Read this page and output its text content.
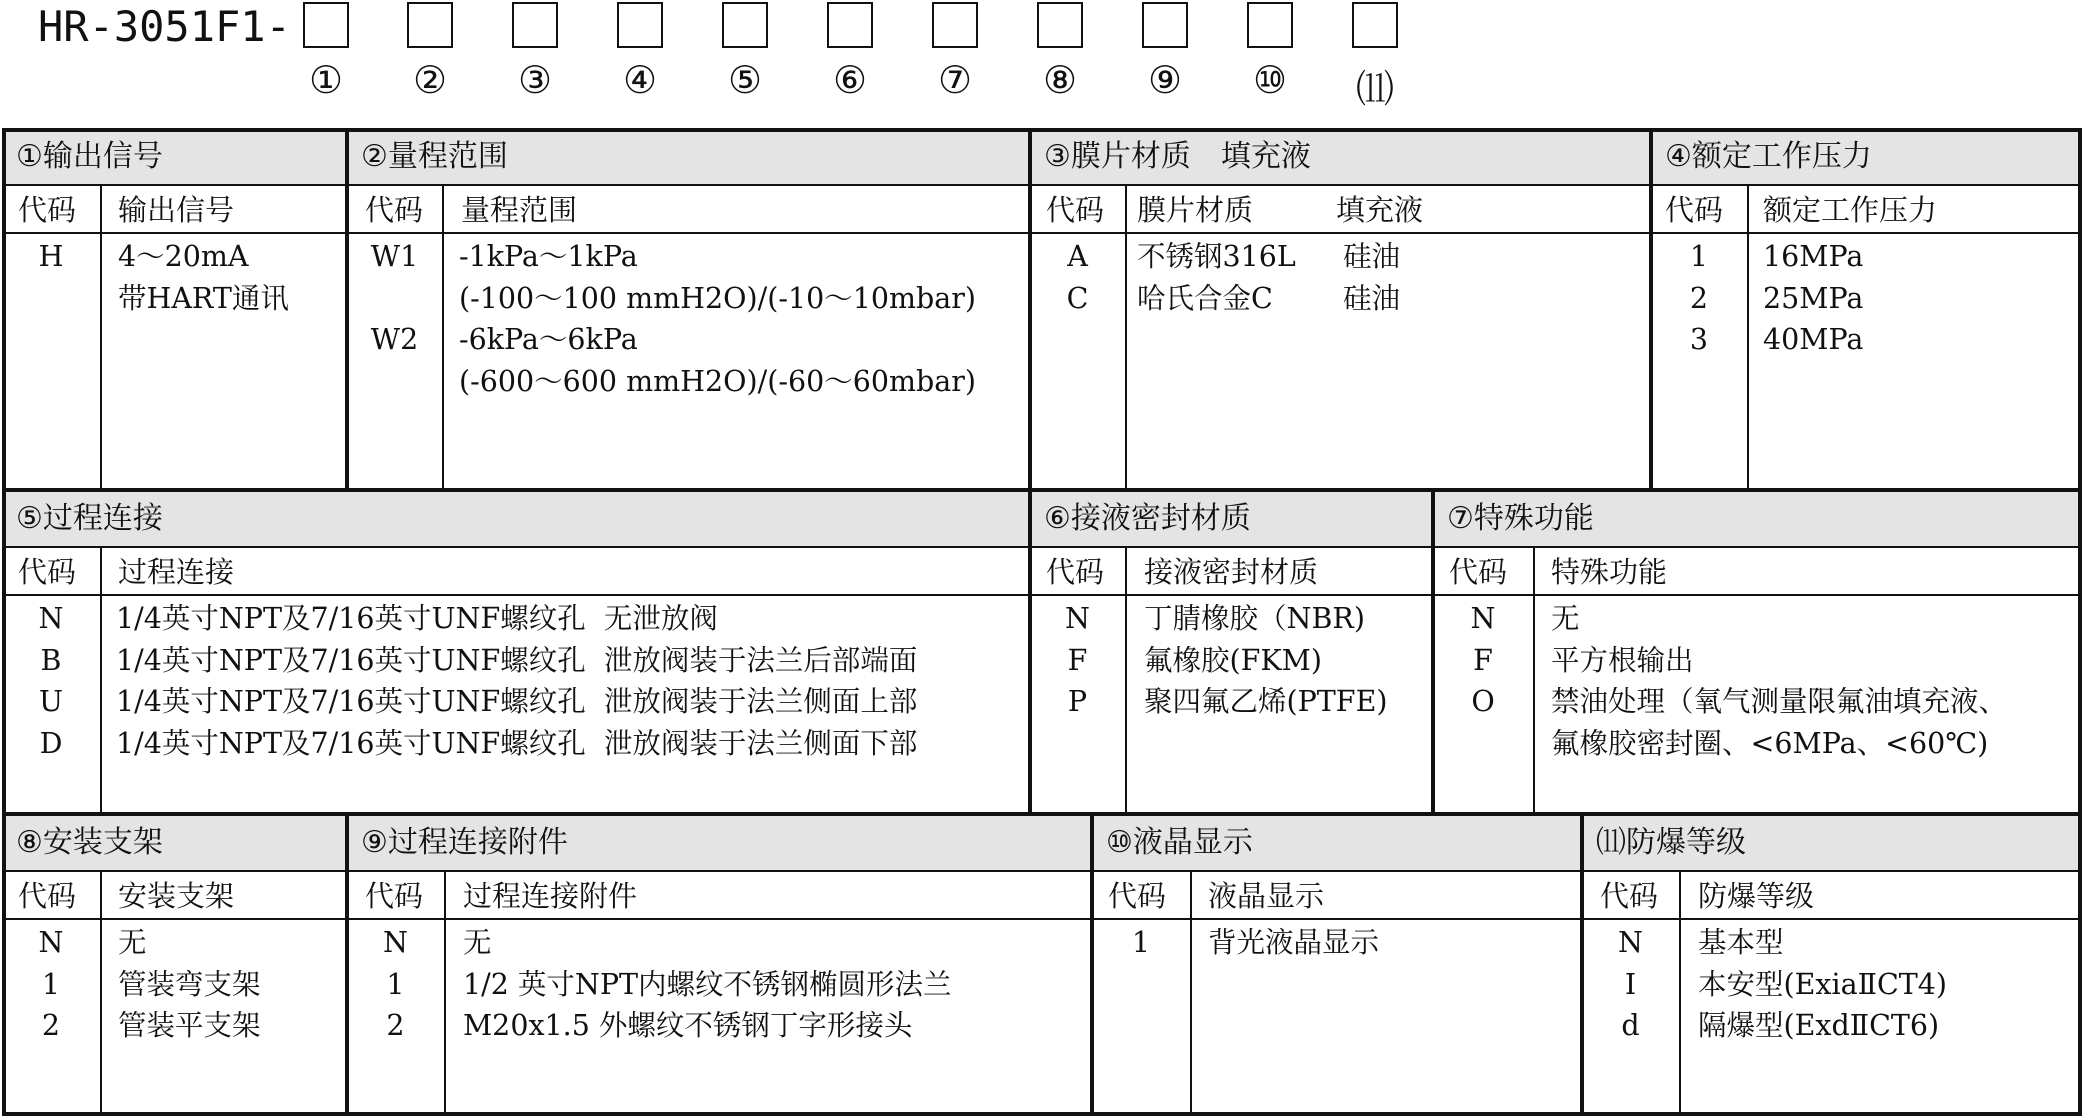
HR-3051F1-
①	②	③	④	⑤	⑥	⑦	⑧	⑨	⑩	⑾
①输出信号
代码 输出信号
H	4～20mA
带HART通讯
②量程范围
代码 量程范围
W1	-1kPa～1kPa
(-100～100 mmH2O)/(-10～10mbar)
W2	-6kPa～6kPa
(-600～600 mmH2O)/(-60～60mbar)
③膜片材质　填充液
代码 膜片材质	填充液
A	不锈钢316L 硅油
C	哈氏合金C 硅油
④额定工作压力
代码 额定工作压力
1	16MPa
2	25MPa
3	40MPa
⑤过程连接
代码 过程连接
N	1/4英寸NPT及7/16英寸UNF螺纹孔  无泄放阀
B	1/4英寸NPT及7/16英寸UNF螺纹孔  泄放阀装于法兰后部端面
U	1/4英寸NPT及7/16英寸UNF螺纹孔  泄放阀装于法兰侧面上部
D	1/4英寸NPT及7/16英寸UNF螺纹孔  泄放阀装于法兰侧面下部
⑥接液密封材质
代码 接液密封材质
N	丁腈橡胶（NBR)
F	氟橡胶(FKM)
P	聚四氟乙烯(PTFE)
⑦特殊功能
代码 特殊功能
N	无
F	平方根输出
O	禁油处理（氧气测量限氟油填充液、
氟橡胶密封圈、<6MPa、<60℃)
⑧安装支架
代码 安装支架
N	无
1	管装弯支架
2	管装平支架
⑨过程连接附件
代码 过程连接附件
N	无
1	1/2 英寸NPT内螺纹不锈钢椭圆形法兰
2	M20x1.5 外螺纹不锈钢丁字形接头
⑩液晶显示
代码 液晶显示
1	背光液晶显示
⑾防爆等级
代码 防爆等级
N	基本型
I	本安型(ExiaⅡCT4)
d	隔爆型(ExdⅡCT6)
